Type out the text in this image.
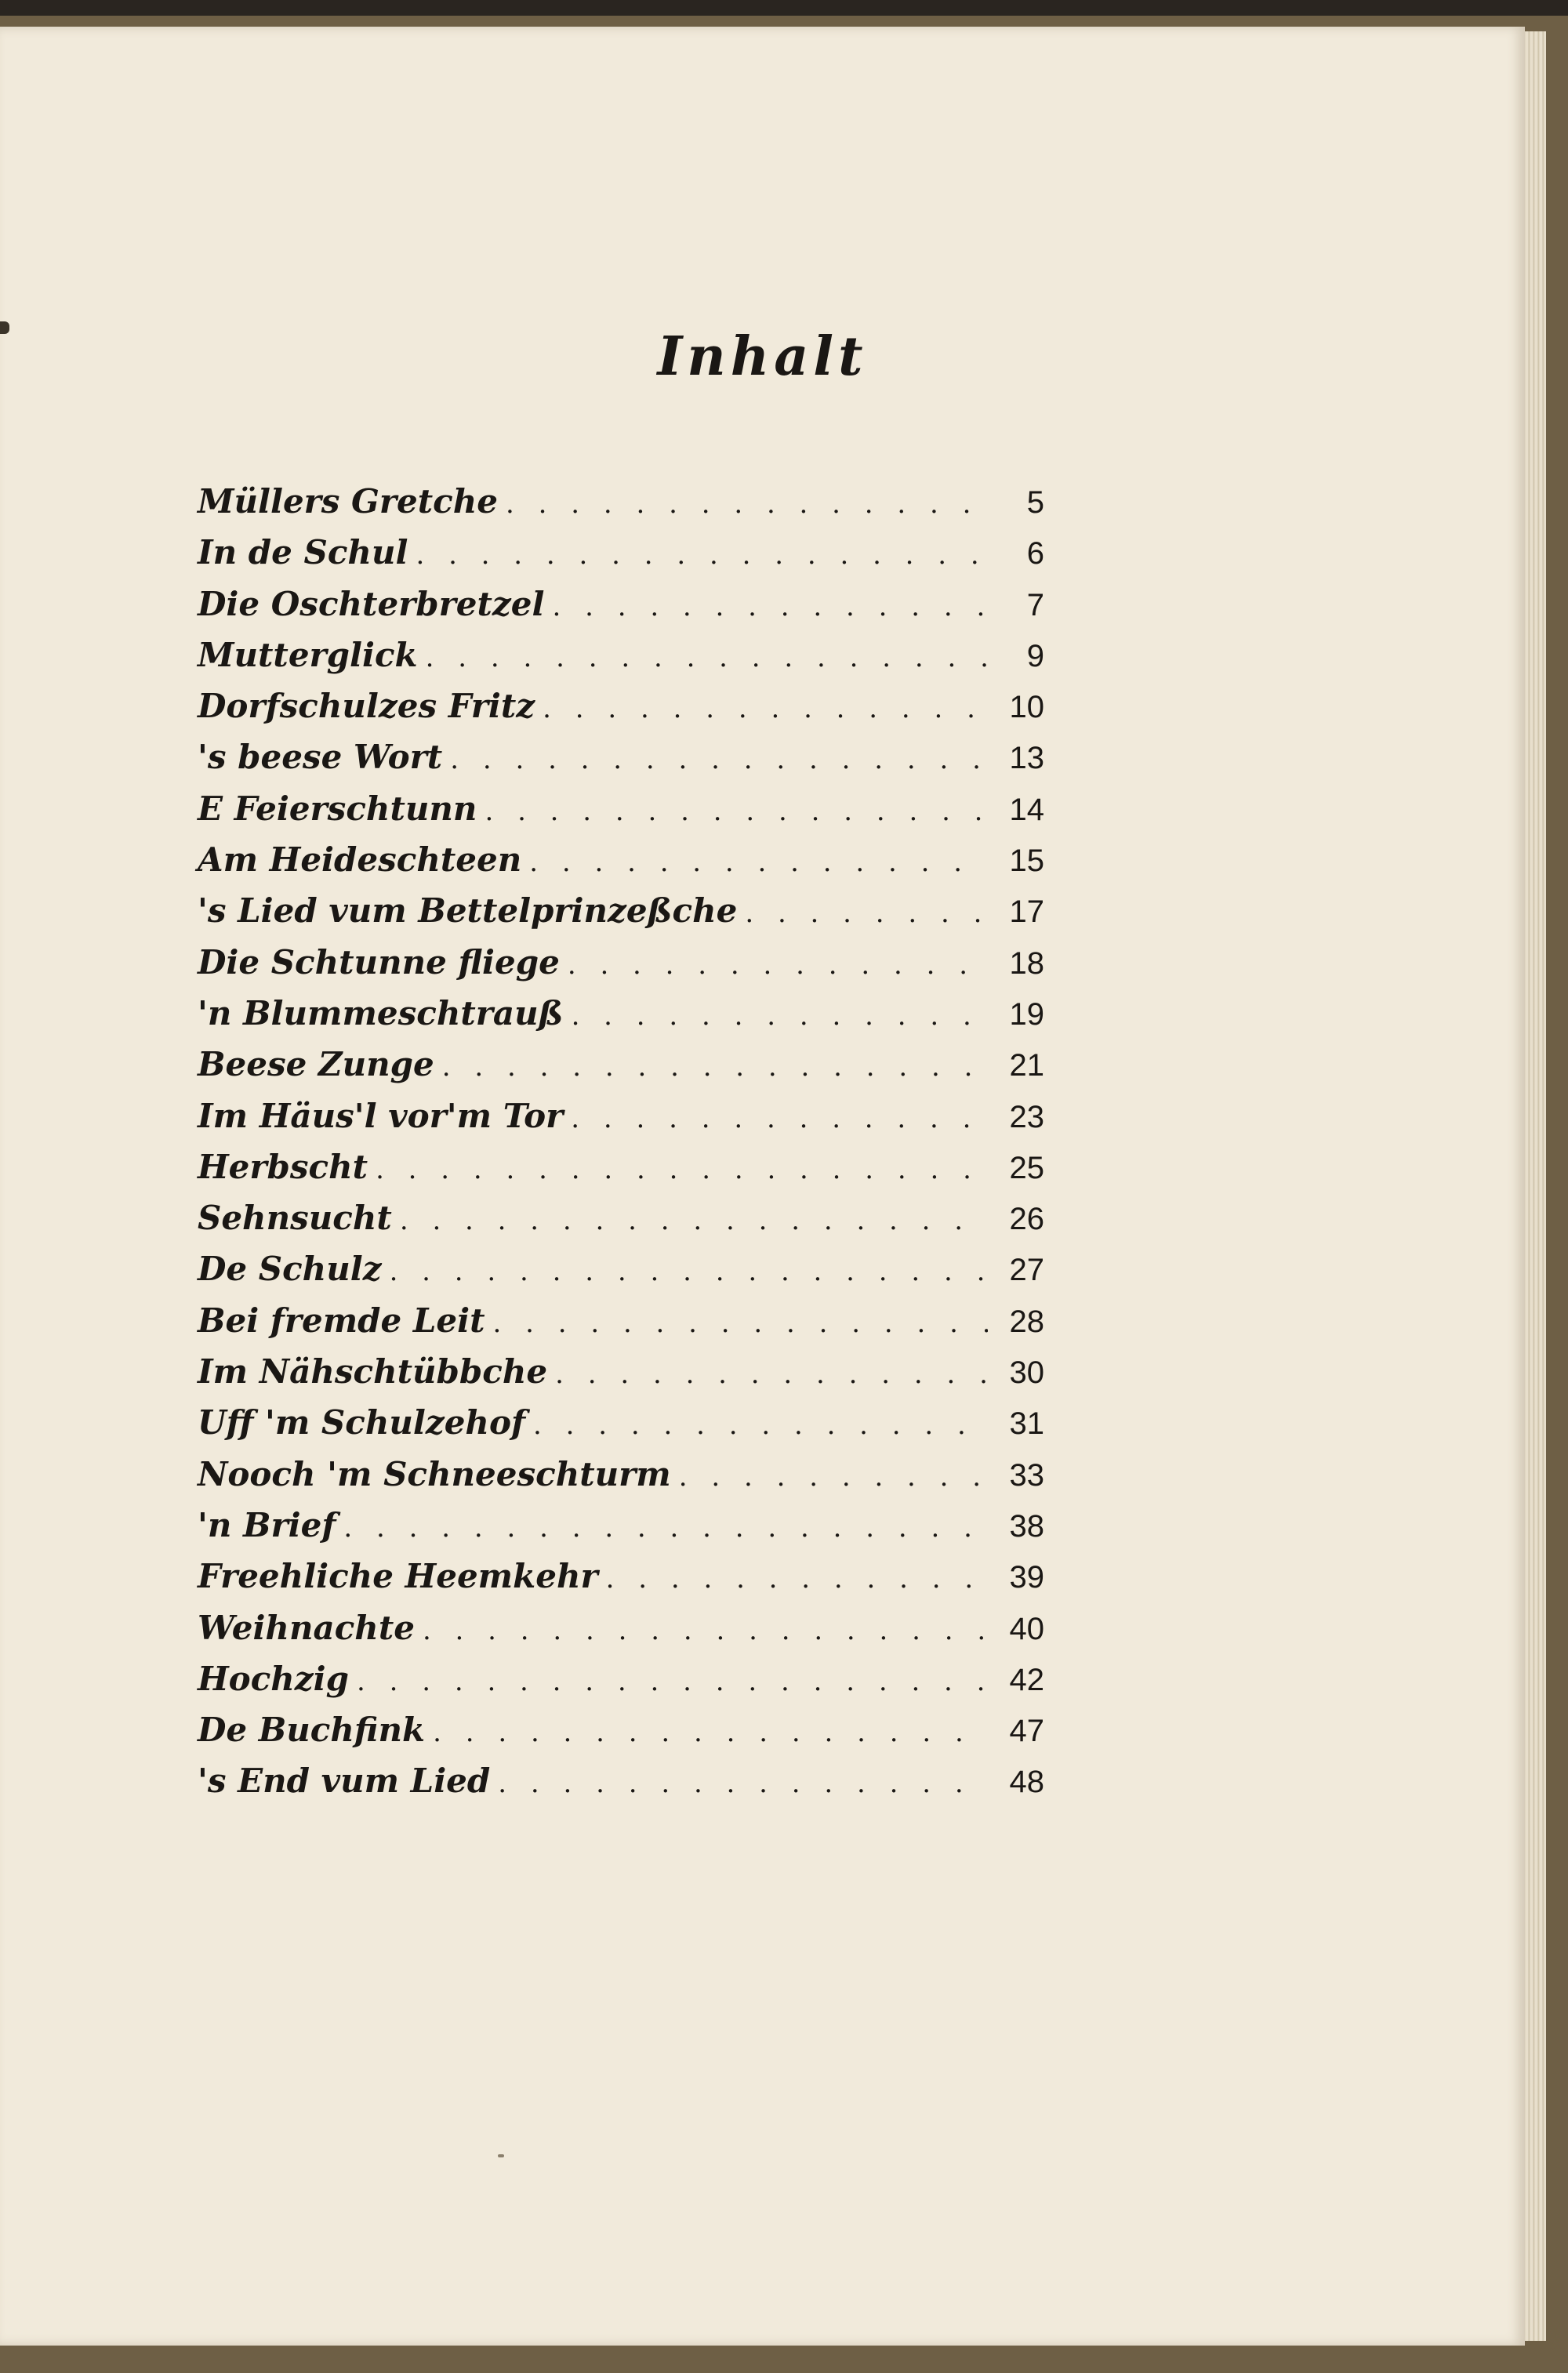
Inhalt
Müllers Gretche . . .	5
In de Schul . . .	6
Die Oschterbretzel . . .	7
Mutterglick . . .	9
Dorfschulzes Fritz . . .	10
's beese Wort . . .	13
E Feierschtunn . . .	14
Am Heideschteen . . .	15
's Lied vum Bettelprinzeßche . . .	17
Die Schtunne fliege . . .	18
'n Blummeschtrauß . . .	19
Beese Zunge . . .	21
Im Häus'l vor'm Tor . . .	23
Herbscht . . .	25
Sehnsucht . . .	26
De Schulz . . .	27
Bei fremde Leit . . .	28
Im Nähschtübbche . . .	30
Uff 'm Schulzehof . . .	31
Nooch 'm Schneeschturm . . .	33
'n Brief . . .	38
Freehliche Heemkehr . . .	39
Weihnachte . . .	40
Hochzig . . .	42
De Buchfink . . .	47
's End vum Lied . . .	48
